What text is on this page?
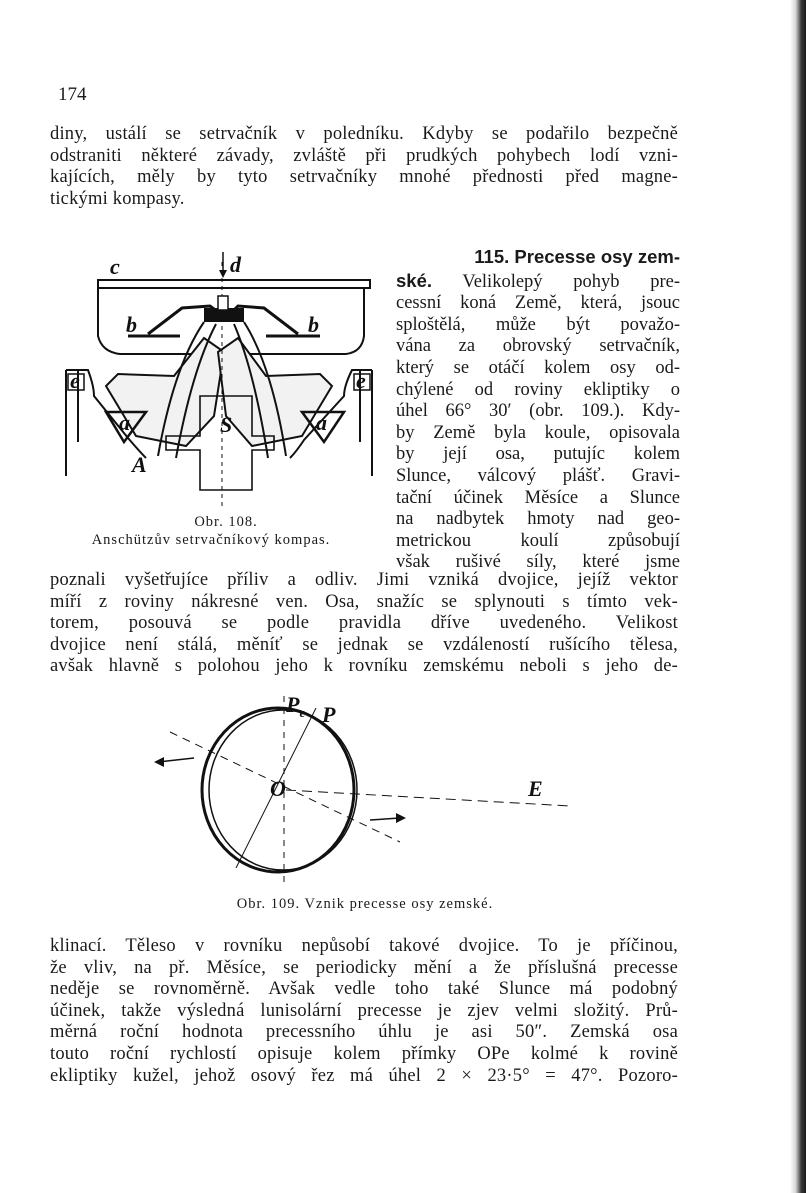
174
diny, ustálí se setrvačník v poledníku. Kdyby se podařilo bezpečně
odstraniti některé závady, zvláště při prudkých pohybech lodí vzni-
kajících, měly by tyto setrvačníky mnohé přednosti před magne-
tickými kompasy.
c	d
b	b
e	e
a	a
S
A
Obr. 108.
Anschützův setrvačníkový kompas.
115. Precesse osy zem-
ské. Velikolepý pohyb pre-
cessní koná Země, která, jsouc
sploštělá, může být považo-
vána za obrovský setrvačník,
který se otáčí kolem osy od-
chýlené od roviny ekliptiky o
úhel 66° 30′ (obr. 109.). Kdy-
by Země byla koule, opisovala
by její osa, putujíc kolem
Slunce, válcový plášť. Gravi-
tační účinek Měsíce a Slunce
na nadbytek hmoty nad geo-
metrickou koulí způsobují
však rušivé síly, které jsme
poznali vyšetřujíce příliv a odliv. Jimi vzniká dvojice, jejíž vektor
míří z roviny nákresné ven. Osa, snažíc se splynouti s tímto vek-
torem, posouvá se podle pravidla dříve uvedeného. Velikost
dvojice není stálá, měníť se jednak se vzdáleností rušícího tělesa,
avšak hlavně s polohou jeho k rovníku zemskému neboli s jeho de-
$P_e$ P
O	E
Obr. 109. Vznik precesse osy zemské.
klinací. Těleso v rovníku nepůsobí takové dvojice. To je příčinou,
že vliv, na př. Měsíce, se periodicky mění a že příslušná precesse
neděje se rovnoměrně. Avšak vedle toho také Slunce má podobný
účinek, takže výsledná lunisolární precesse je zjev velmi složitý. Prů-
měrná roční hodnota precessního úhlu je asi 50″. Zemská osa
touto roční rychlostí opisuje kolem přímky OPe kolmé k rovině
ekliptiky kužel, jehož osový řez má úhel 2 × 23·5° = 47°. Pozoro-
